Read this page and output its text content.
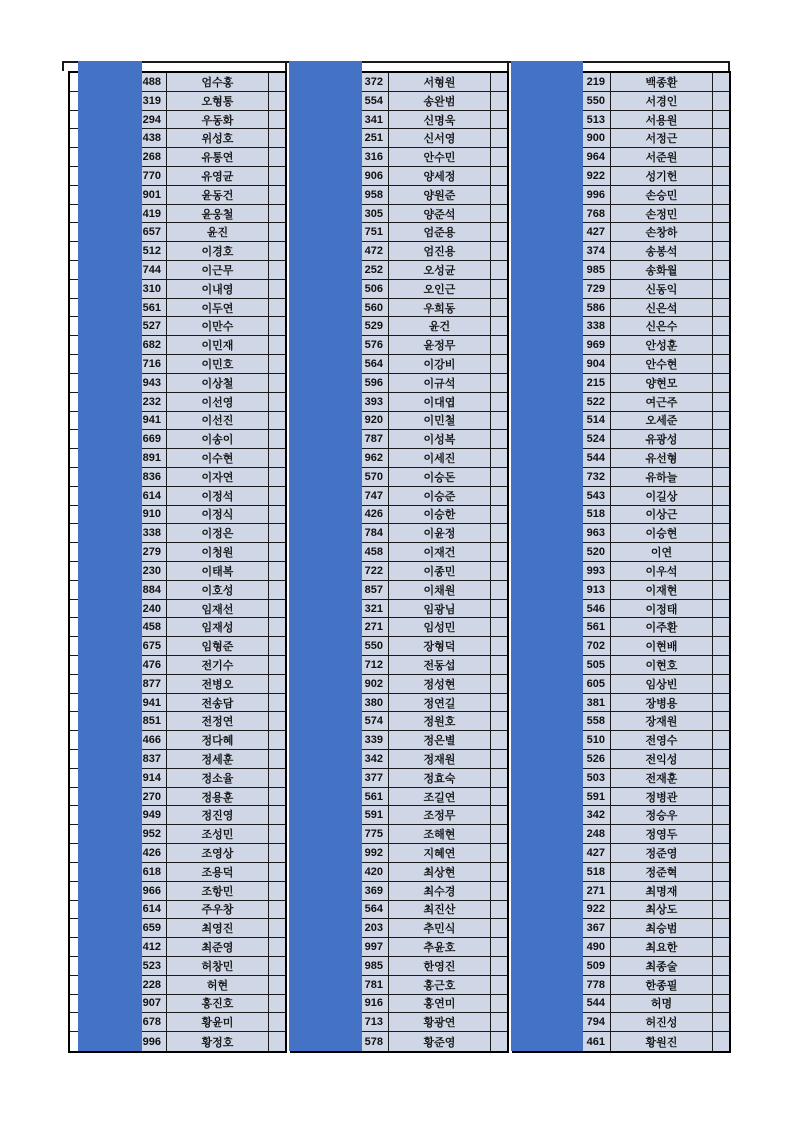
488	엄수홍
319	오형통
294	우동화
438	위성호
268	유통연
770	유영균
901	윤동건
419	윤웅철
657	윤진
512	이경호
744	이근무
310	이내영
561	이두연
527	이만수
682	이민재
716	이민호
943	이상철
232	이선영
941	이선진
669	이송이
891	이수현
836	이자연
614	이정석
910	이정식
338	이정은
279	이청원
230	이태복
884	이호성
240	임재선
458	임재성
675	임형준
476	전기수
877	전병오
941	전송담
851	전정연
466	정다혜
837	정세훈
914	정소율
270	정용훈
949	정진영
952	조성민
426	조영상
618	조용덕
966	조항민
614	주우창
659	최영진
412	최준영
523	허창민
228	허현
907	홍진호
678	황윤미
996	황정호
372	서형원
554	송완범
341	신명욱
251	신서영
316	안수민
906	양세정
958	양원준
305	양준석
751	엄준용
472	엄진용
252	오성균
506	오인근
560	우희동
529	윤건
576	윤정무
564	이강비
596	이규석
393	이대엽
920	이민철
787	이성복
962	이세진
570	이승돈
747	이승준
426	이승한
784	이윤정
458	이재건
722	이종민
857	이채원
321	임광님
271	임성민
550	장형덕
712	전동섭
902	정성현
380	정연길
574	정원호
339	정은별
342	정재원
377	정효숙
561	조길연
591	조정무
775	조해현
992	지혜연
420	최상현
369	최수경
564	최진산
203	추민식
997	추윤호
985	한영진
781	홍근호
916	홍연미
713	황광연
578	황준영
219	백종환
550	서경인
513	서용원
900	서정근
964	서준원
922	성기헌
996	손승민
768	손정민
427	손창하
374	송봉석
985	송화월
729	신동익
586	신은석
338	신은수
969	안성훈
904	안수현
215	양현모
522	여근주
514	오세준
524	유광성
544	유선형
732	유하늘
543	이길상
518	이상근
963	이승현
520	이연
993	이우석
913	이재현
546	이정태
561	이주환
702	이현배
505	이현호
605	임상빈
381	장병용
558	장재원
510	전영수
526	전익성
503	전재훈
591	정병관
342	정승우
248	정영두
427	정준영
518	정준혁
271	최명재
922	최상도
367	최승범
490	최요한
509	최종술
778	한종필
544	허명
794	허진성
461	황원진
